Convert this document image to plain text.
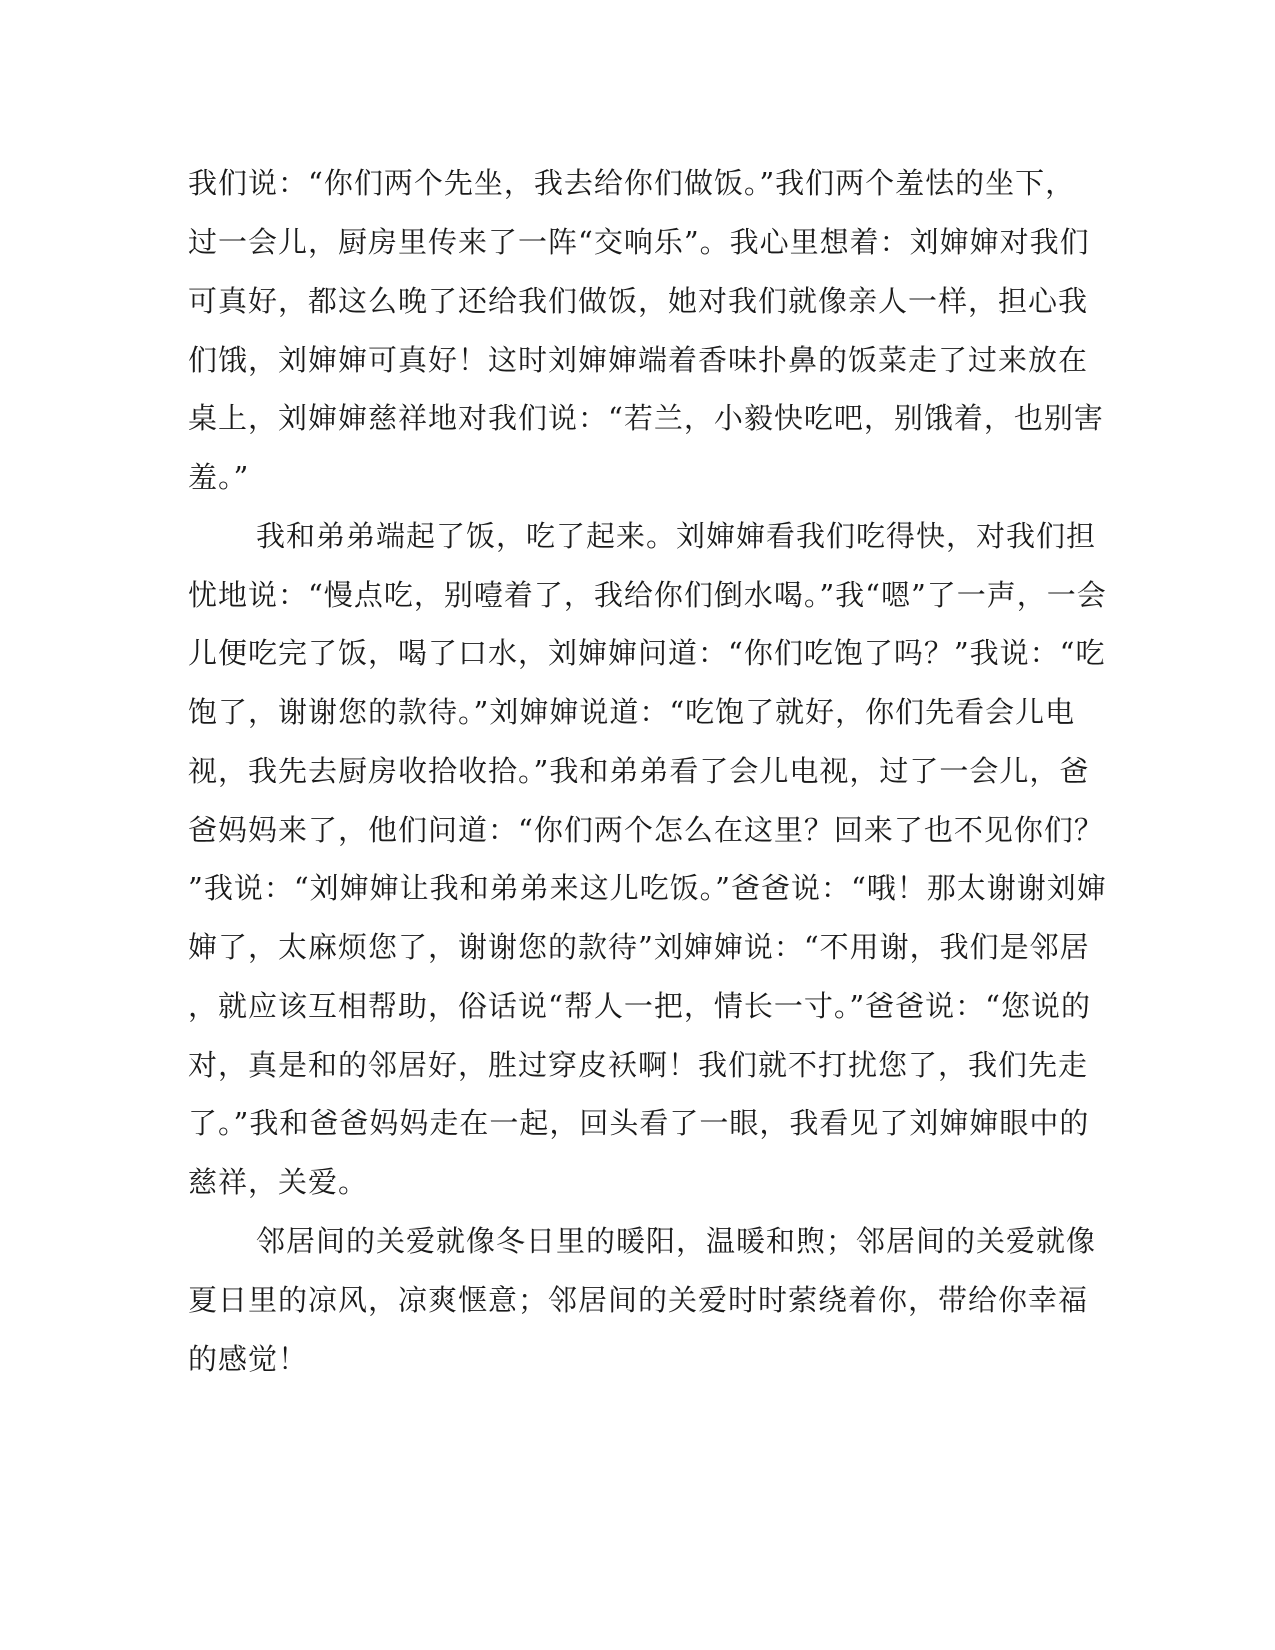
我们说：“你们两个先坐，我去给你们做饭。”我们两个羞怯的坐下，
过一会儿，厨房里传来了一阵“交响乐”。我心里想着：刘婶婶对我们
可真好，都这么晚了还给我们做饭，她对我们就像亲人一样，担心我
们饿，刘婶婶可真好！这时刘婶婶端着香味扑鼻的饭菜走了过来放在
桌上，刘婶婶慈祥地对我们说：“若兰，小毅快吃吧，别饿着，也别害
羞。”
我和弟弟端起了饭，吃了起来。刘婶婶看我们吃得快，对我们担
忧地说：“慢点吃，别噎着了，我给你们倒水喝。”我“嗯”了一声，一会
儿便吃完了饭，喝了口水，刘婶婶问道：“你们吃饱了吗？”我说：“吃
饱了，谢谢您的款待。”刘婶婶说道：“吃饱了就好，你们先看会儿电
视，我先去厨房收拾收拾。”我和弟弟看了会儿电视，过了一会儿，爸
爸妈妈来了，他们问道：“你们两个怎么在这里？回来了也不见你们？
”我说：“刘婶婶让我和弟弟来这儿吃饭。”爸爸说：“哦！那太谢谢刘婶
婶了，太麻烦您了，谢谢您的款待”刘婶婶说：“不用谢，我们是邻居
，就应该互相帮助，俗话说“帮人一把，情长一寸。”爸爸说：“您说的
对，真是和的邻居好，胜过穿皮袄啊！我们就不打扰您了，我们先走
了。”我和爸爸妈妈走在一起，回头看了一眼，我看见了刘婶婶眼中的
慈祥，关爱。
邻居间的关爱就像冬日里的暖阳，温暖和煦；邻居间的关爱就像
夏日里的凉风，凉爽惬意；邻居间的关爱时时萦绕着你，带给你幸福
的感觉！
